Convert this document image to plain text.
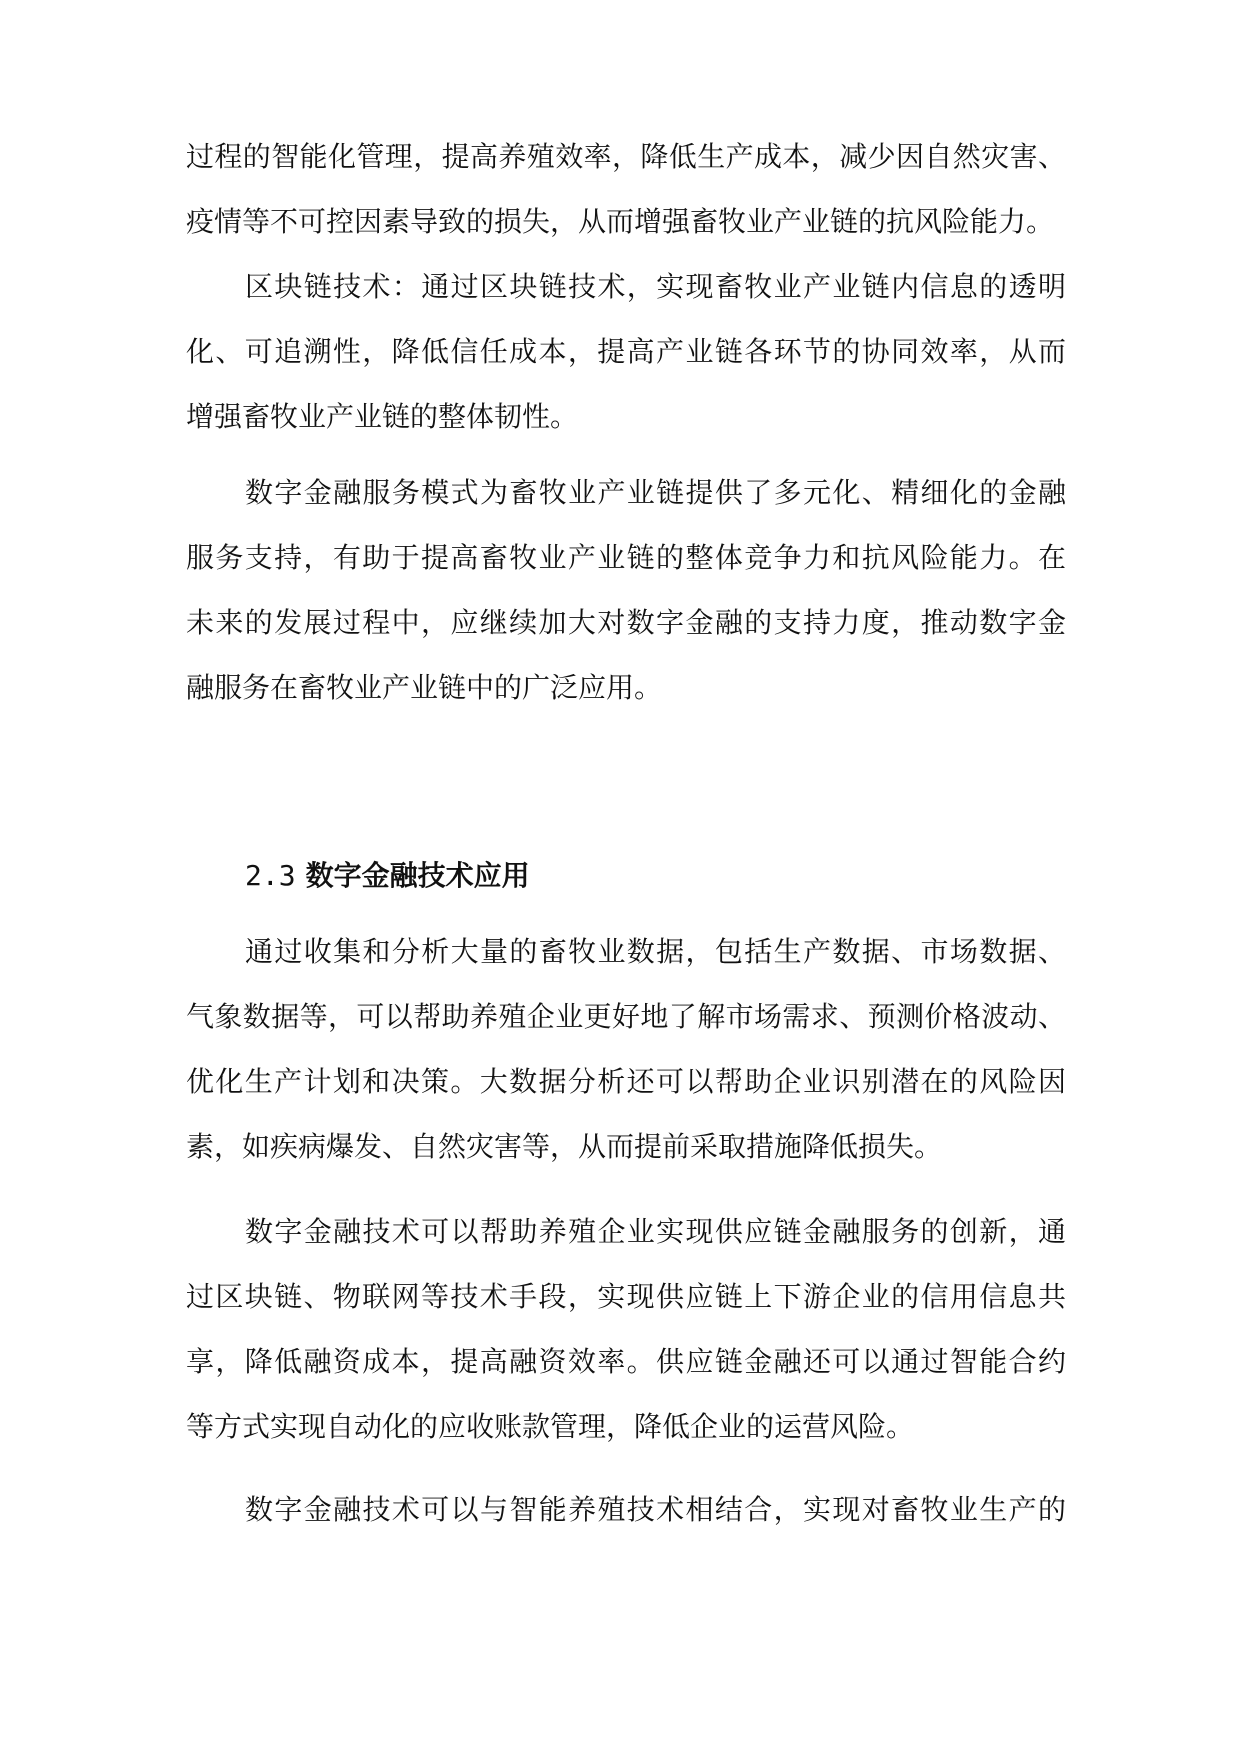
过程的智能化管理，提高养殖效率，降低生产成本，减少因自然灾害、
疫情等不可控因素导致的损失，从而增强畜牧业产业链的抗风险能力。
区块链技术：通过区块链技术，实现畜牧业产业链内信息的透明
化、可追溯性，降低信任成本，提高产业链各环节的协同效率，从而
增强畜牧业产业链的整体韧性。
数字金融服务模式为畜牧业产业链提供了多元化、精细化的金融
服务支持，有助于提高畜牧业产业链的整体竞争力和抗风险能力。在
未来的发展过程中，应继续加大对数字金融的支持力度，推动数字金
融服务在畜牧业产业链中的广泛应用。
2.3 数字金融技术应用
通过收集和分析大量的畜牧业数据，包括生产数据、市场数据、
气象数据等，可以帮助养殖企业更好地了解市场需求、预测价格波动、
优化生产计划和决策。大数据分析还可以帮助企业识别潜在的风险因
素，如疾病爆发、自然灾害等，从而提前采取措施降低损失。
数字金融技术可以帮助养殖企业实现供应链金融服务的创新，通
过区块链、物联网等技术手段，实现供应链上下游企业的信用信息共
享，降低融资成本，提高融资效率。供应链金融还可以通过智能合约
等方式实现自动化的应收账款管理，降低企业的运营风险。
数字金融技术可以与智能养殖技术相结合，实现对畜牧业生产的
